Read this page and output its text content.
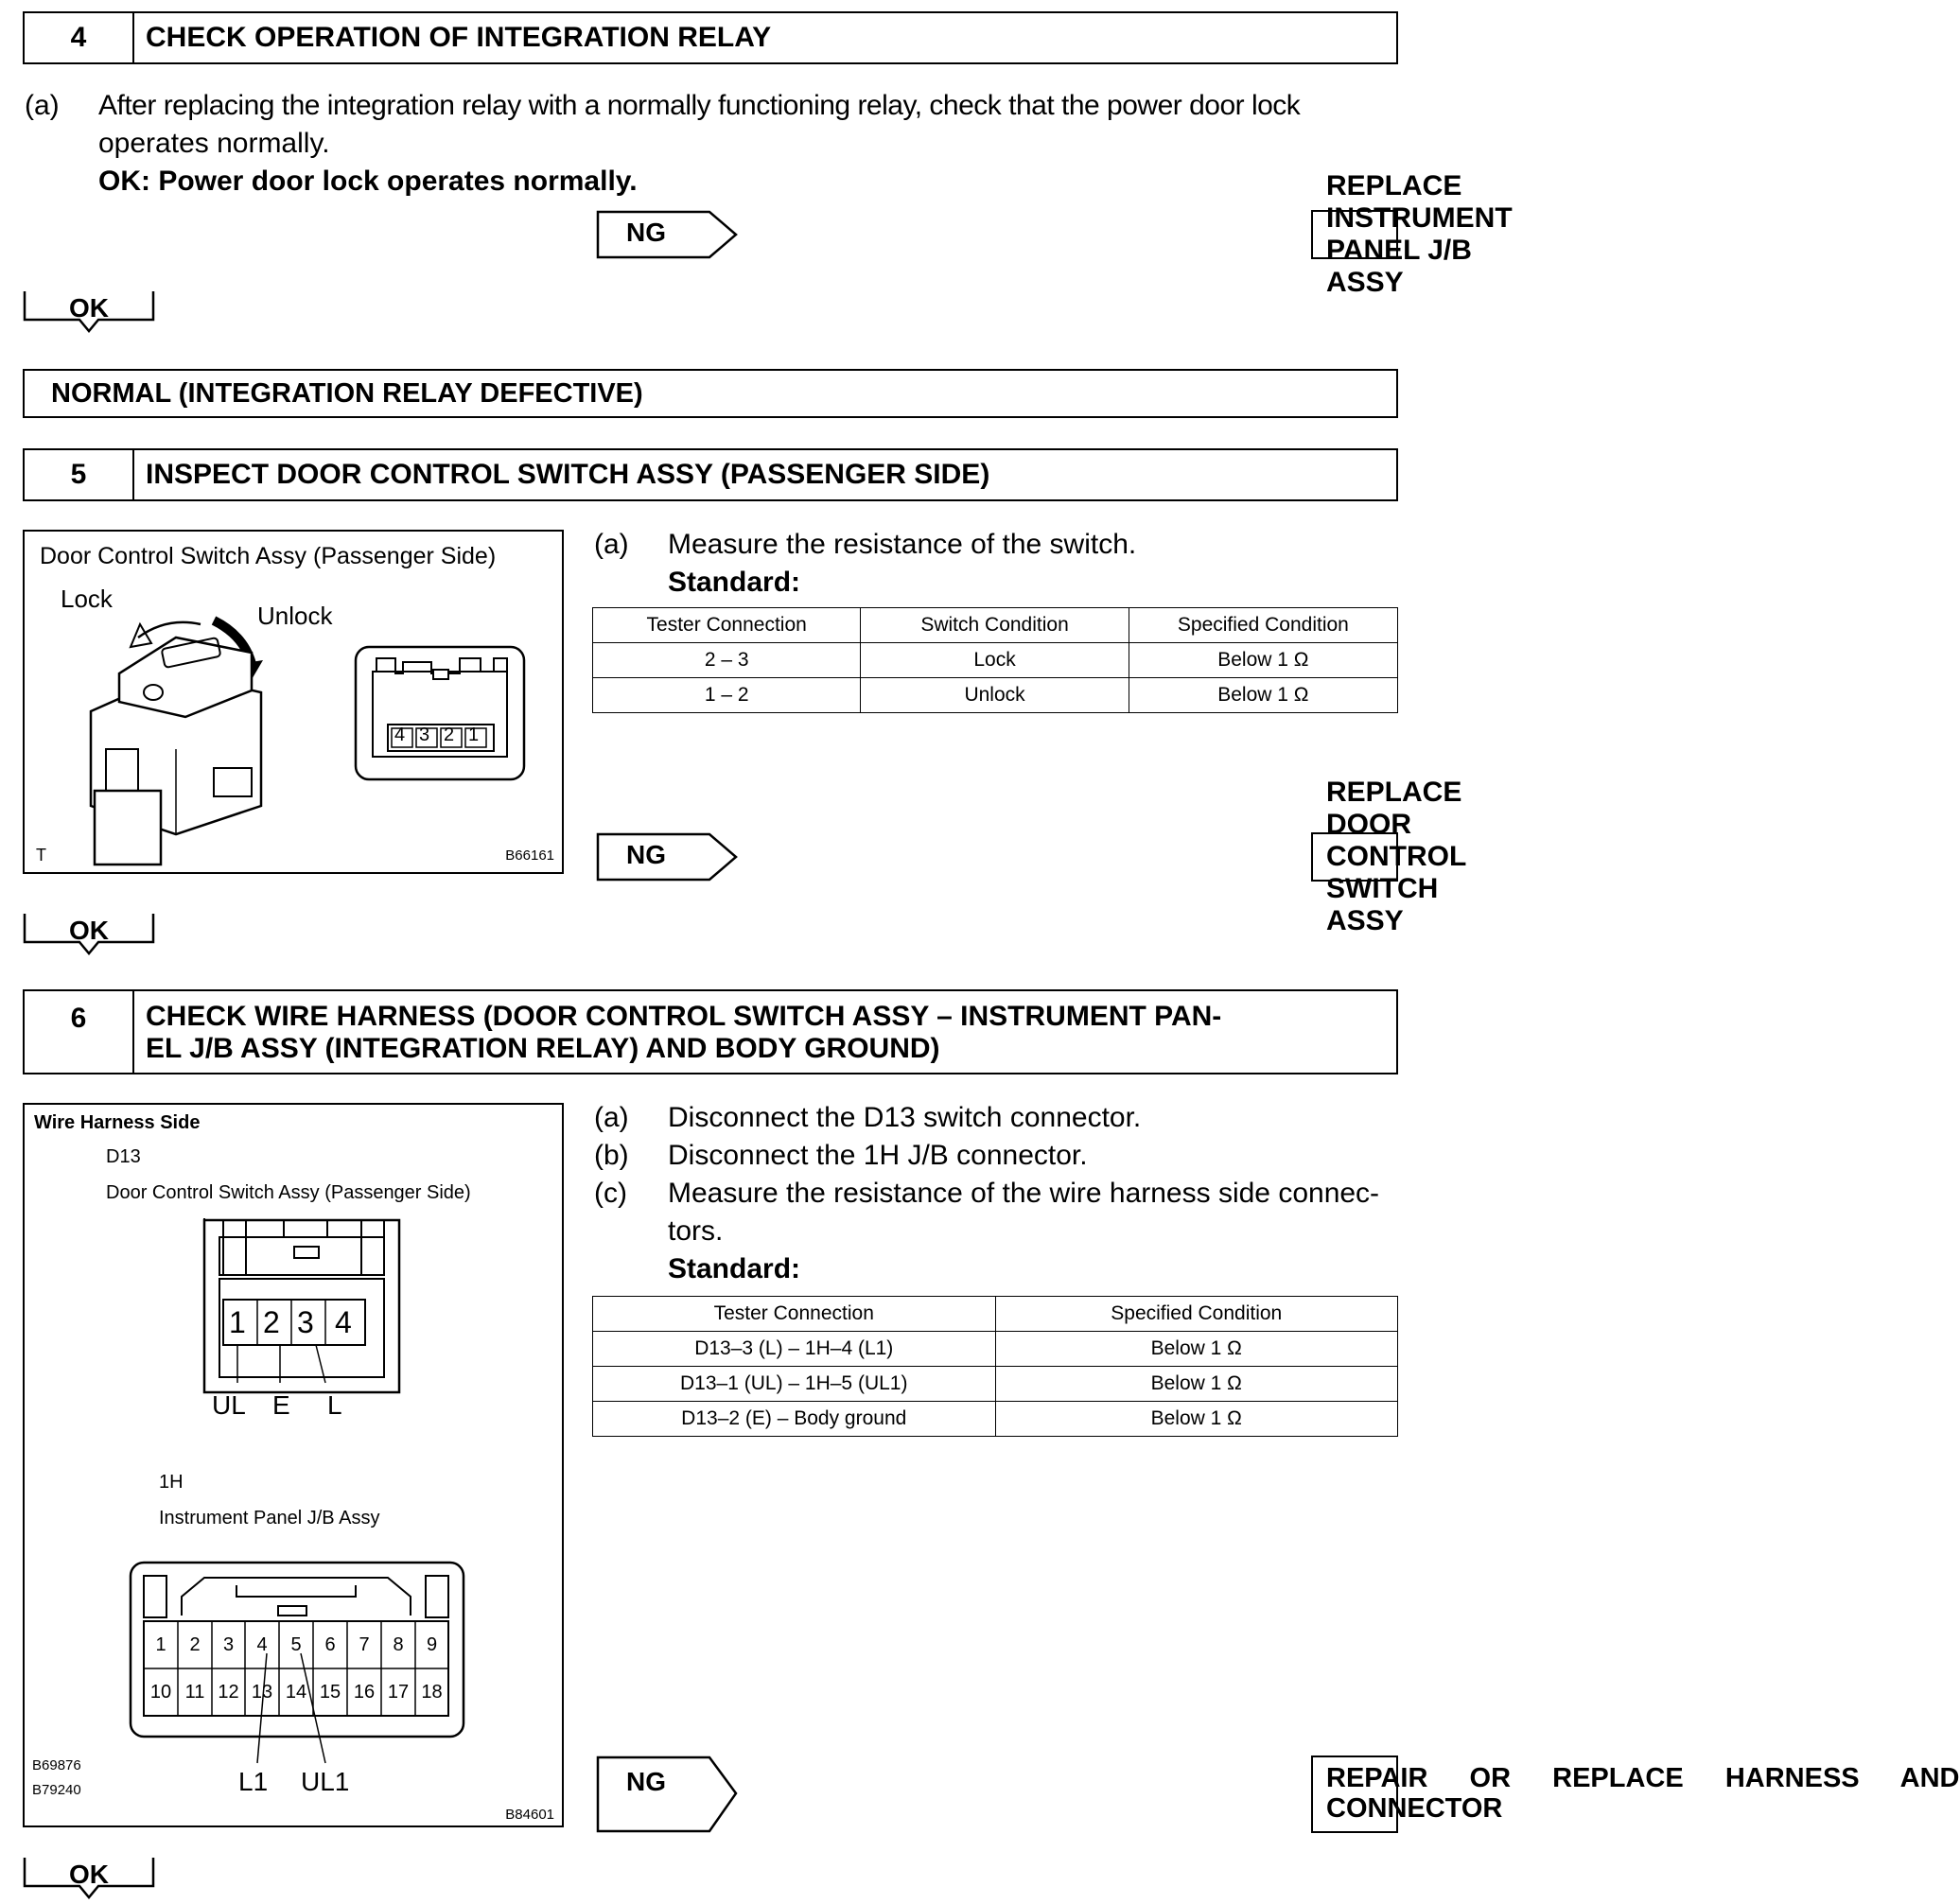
4	CHECK OPERATION OF INTEGRATION RELAY
(a) After replacing the integration relay with a normally functioning relay, check that the power door lock
operates normally.
OK: Power door lock operates normally.
NG
REPLACE INSTRUMENT PANEL J/B ASSY
OK
NORMAL (INTEGRATION RELAY DEFECTIVE)
5	INSPECT DOOR CONTROL SWITCH ASSY (PASSENGER SIDE)
Door Control Switch Assy (Passenger Side)
Lock
Unlock
4 3 2 1
T	B66161
(a) Measure the resistance of the switch.
Standard:
Tester Connection	Switch Condition	Specified Condition
2 – 3	Lock	Below 1 Ω
1 – 2	Unlock	Below 1 Ω
NG
REPLACE DOOR CONTROL SWITCH ASSY
OK
6	CHECK WIRE HARNESS (DOOR CONTROL SWITCH ASSY – INSTRUMENT PAN-
EL J/B ASSY (INTEGRATION RELAY) AND BODY GROUND)
Wire Harness Side
D13
Door Control Switch Assy (Passenger Side)
1 2 3 4
UL E L
1H
Instrument Panel J/B Assy
1	2	3	4	5	6	7	8	9
10 11 12 13 14 15 16 17 18
L1 UL1
B69876
B79240
B84601
(a) Disconnect the D13 switch connector.
(b) Disconnect the 1H J/B connector.
(c) Measure the resistance of the wire harness side connec-
tors.
Standard:
Tester Connection	Specified Condition
D13–3 (L) – 1H–4 (L1)	Below 1 Ω
D13–1 (UL) – 1H–5 (UL1)	Below 1 Ω
D13–2 (E) – Body ground	Below 1 Ω
NG	REPAIR  OR  REPLACE  HARNESS  AND
CONNECTOR
OK
